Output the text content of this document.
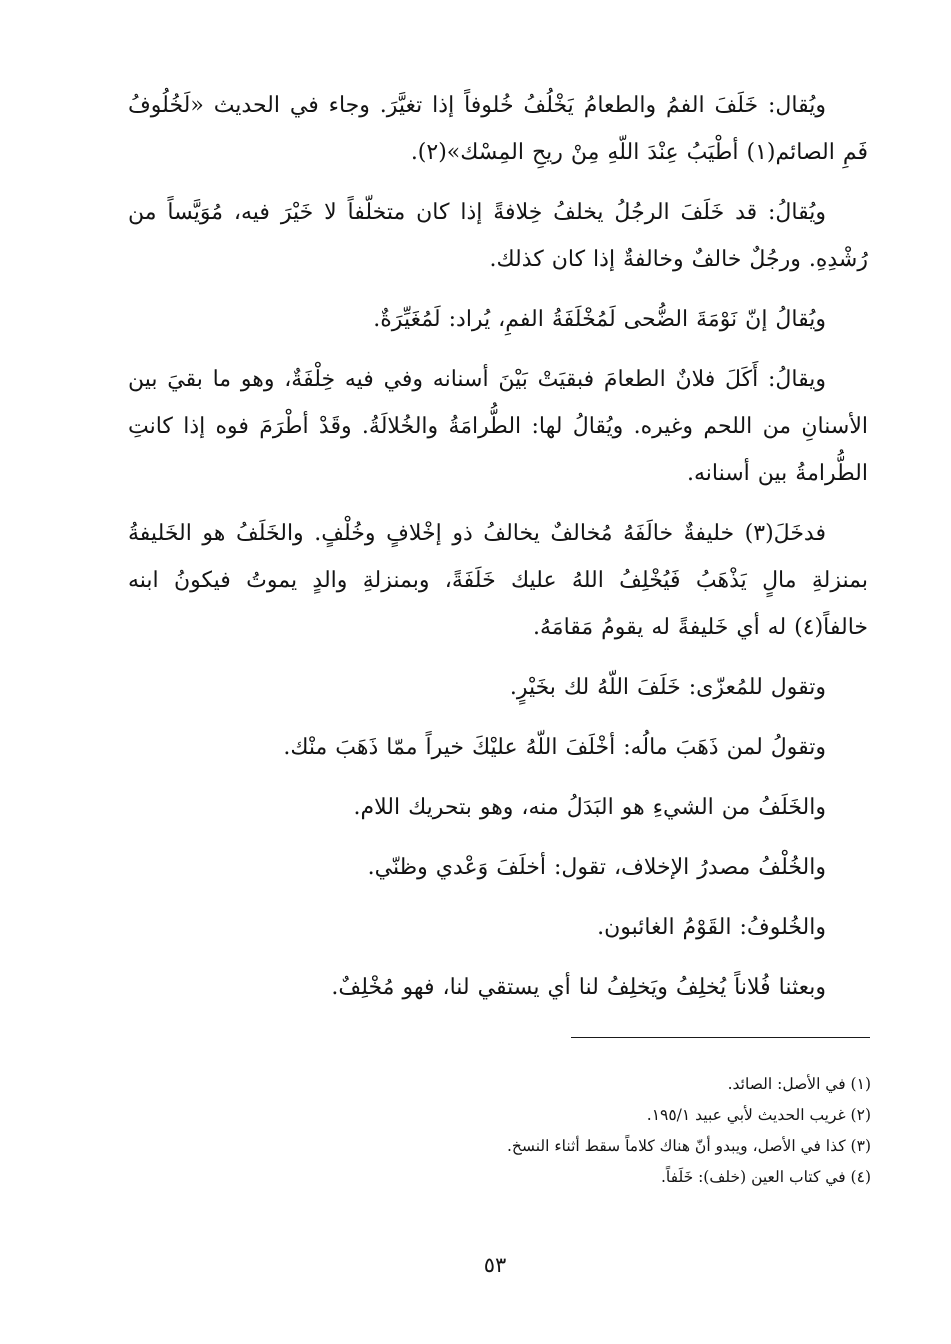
ويُقال: خَلَفَ الفمُ والطعامُ يَخْلُفُ خُلوفاً إذا تغيَّرَ. وجاء في الحديث «لَخُلُوفُ فَمِ الصائم(١) أطْيَبُ عِنْدَ اللّهِ مِنْ ريحِ المِسْك»(٢).

ويُقالُ: قد خَلَفَ الرجُلُ يخلفُ خِلافةً إذا كان متخلّفاً لا خَيْرَ فيه، مُوَيَّساً من رُشْدِهِ. ورجُلٌ خالفٌ وخالفةٌ إذا كان كذلك.

ويُقالُ إنّ نَوْمَةَ الضُّحى لَمُخْلَفَةُ الفمِ، يُراد: لَمُغَيِّرَةٌ.

ويقالُ: أَكَلَ فلانٌ الطعامَ فبقيَتْ بَيْنَ أسنانه وفي فيه خِلْفَةٌ، وهو ما بقيَ بين الأسنانِ من اللحم وغيره. ويُقالُ لها: الطُّرامَةُ والخُلالَةُ. وقَدْ أطْرَمَ فوه إذا كانتِ الطُّرامةُ بين أسنانه.

فدخَلَ(٣) خليفةٌ خالَفَهُ مُخالفٌ يخالفُ ذو إخْلافٍ وخُلْفٍ. والخَلَفُ هو الخَليفةُ بمنزلةِ مالٍ يَذْهَبُ فَيُخْلِفُ اللهُ عليك خَلَفَةً، وبمنزلةِ والدٍ يموتُ فيكونُ ابنه خالفاً(٤) له أي خَليفةً له يقومُ مَقامَهُ.

وتقول للمُعزّى: خَلَفَ اللّهُ لك بخَيْرٍ.

وتقولُ لمن ذَهَبَ مالُه: أخْلَفَ اللّهُ عليْكَ خيراً ممّا ذَهَبَ منْك.

والخَلَفُ من الشيءِ هو البَدَلُ منه، وهو بتحريك اللام.

والخُلْفُ مصدرُ الإخلاف، تقول: أخلَفَ وَعْدي وظنّي.

والخُلوفُ: القَوْمُ الغائبون.

وبعثنا فُلاناً يُخلِفُ ويَخلِفُ لنا أي يستقي لنا، فهو مُخْلِفٌ.

(١) في الأصل: الصائد.
(٢) غريب الحديث لأبي عبيد ١٩٥/١.
(٣) كذا في الأصل، ويبدو أنّ هناك كلاماً سقط أثناء النسخ.
(٤) في كتاب العين (خلف): خَلَفاً.
٥٣
